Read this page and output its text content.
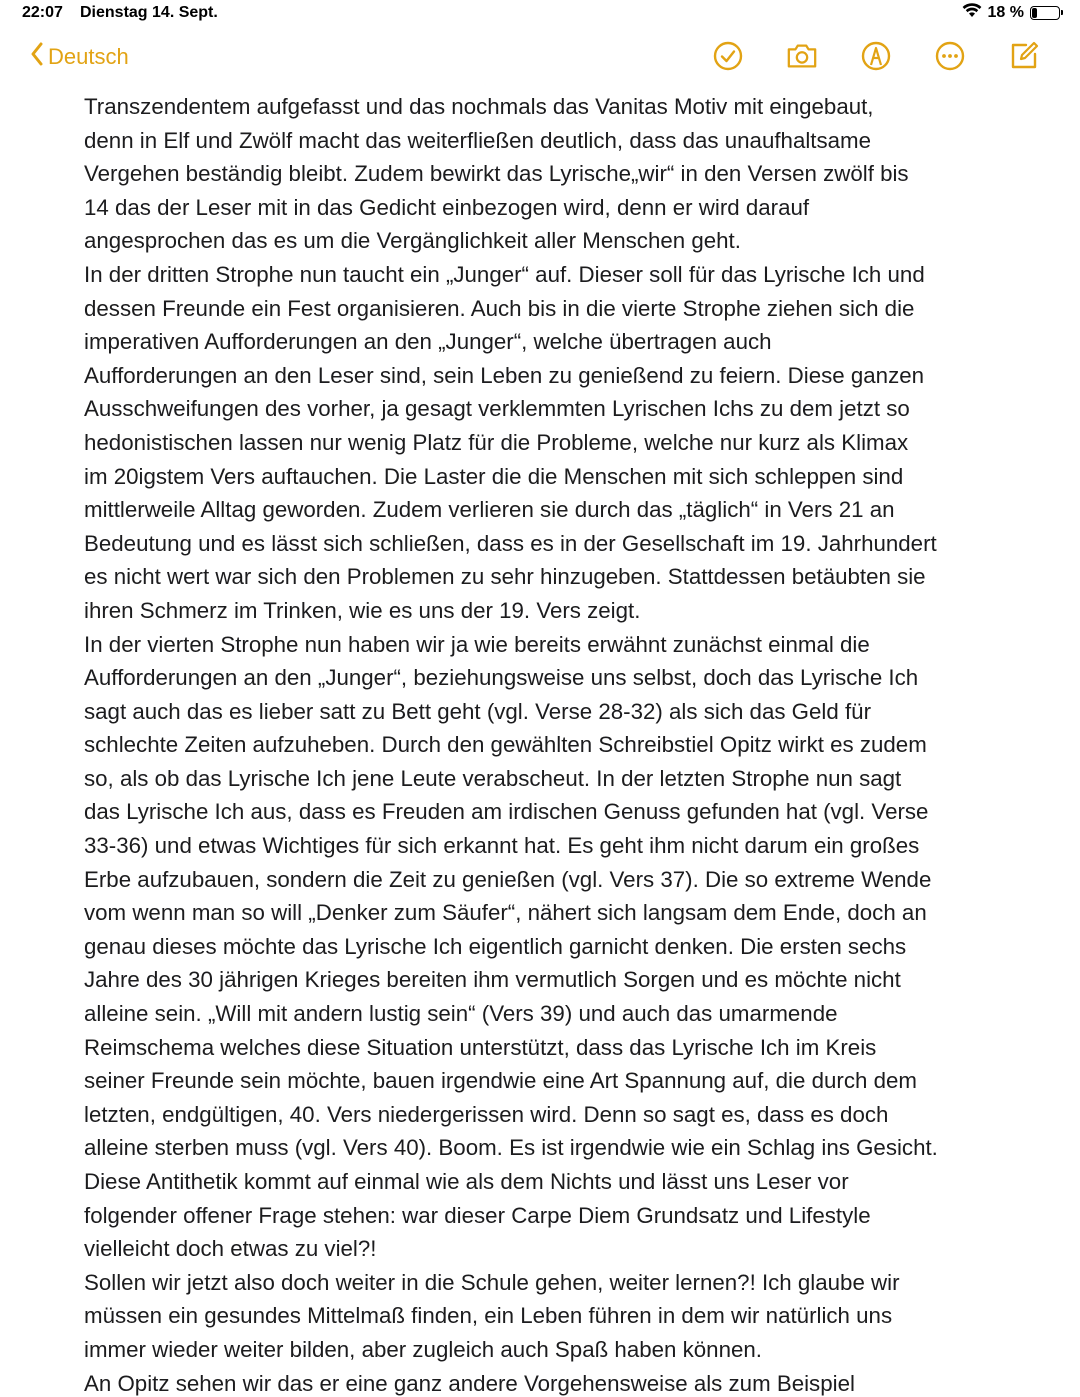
22:07 Dienstag 14. Sept.	18 %
Deutsch
Transzendentem aufgefasst und das nochmals das Vanitas Motiv mit eingebaut,
denn in Elf und Zwölf macht das weiterfließen deutlich, dass das unaufhaltsame
Vergehen beständig bleibt. Zudem bewirkt das Lyrische„wir“ in den Versen zwölf bis
14 das der Leser mit in das Gedicht einbezogen wird, denn er wird darauf
angesprochen das es um die Vergänglichkeit aller Menschen geht.
In der dritten Strophe nun taucht ein „Junger“ auf. Dieser soll für das Lyrische Ich und
dessen Freunde ein Fest organisieren. Auch bis in die vierte Strophe ziehen sich die
imperativen Aufforderungen an den „Junger“, welche übertragen auch
Aufforderungen an den Leser sind, sein Leben zu genießend zu feiern. Diese ganzen
Ausschweifungen des vorher, ja gesagt verklemmten Lyrischen Ichs zu dem jetzt so
hedonistischen lassen nur wenig Platz für die Probleme, welche nur kurz als Klimax
im 20igstem Vers auftauchen. Die Laster die die Menschen mit sich schleppen sind
mittlerweile Alltag geworden. Zudem verlieren sie durch das „täglich“ in Vers 21 an
Bedeutung und es lässt sich schließen, dass es in der Gesellschaft im 19. Jahrhundert
es nicht wert war sich den Problemen zu sehr hinzugeben. Stattdessen betäubten sie
ihren Schmerz im Trinken, wie es uns der 19. Vers zeigt.
In der vierten Strophe nun haben wir ja wie bereits erwähnt zunächst einmal die
Aufforderungen an den „Junger“, beziehungsweise uns selbst, doch das Lyrische Ich
sagt auch das es lieber satt zu Bett geht (vgl. Verse 28-32) als sich das Geld für
schlechte Zeiten aufzuheben. Durch den gewählten Schreibstiel Opitz wirkt es zudem
so, als ob das Lyrische Ich jene Leute verabscheut. In der letzten Strophe nun sagt
das Lyrische Ich aus, dass es Freuden am irdischen Genuss gefunden hat (vgl. Verse
33-36) und etwas Wichtiges für sich erkannt hat. Es geht ihm nicht darum ein großes
Erbe aufzubauen, sondern die Zeit zu genießen (vgl. Vers 37). Die so extreme Wende
vom wenn man so will „Denker zum Säufer“, nähert sich langsam dem Ende, doch an
genau dieses möchte das Lyrische Ich eigentlich garnicht denken. Die ersten sechs
Jahre des 30 jährigen Krieges bereiten ihm vermutlich Sorgen und es möchte nicht
alleine sein. „Will mit andern lustig sein“ (Vers 39) und auch das umarmende
Reimschema welches diese Situation unterstützt, dass das Lyrische Ich im Kreis
seiner Freunde sein möchte, bauen irgendwie eine Art Spannung auf, die durch dem
letzten, endgültigen, 40. Vers niedergerissen wird. Denn so sagt es, dass es doch
alleine sterben muss (vgl. Vers 40). Boom. Es ist irgendwie wie ein Schlag ins Gesicht.
Diese Antithetik kommt auf einmal wie als dem Nichts und lässt uns Leser vor
folgender offener Frage stehen: war dieser Carpe Diem Grundsatz und Lifestyle
vielleicht doch etwas zu viel?!
Sollen wir jetzt also doch weiter in die Schule gehen, weiter lernen?! Ich glaube wir
müssen ein gesundes Mittelmaß finden, ein Leben führen in dem wir natürlich uns
immer wieder weiter bilden, aber zugleich auch Spaß haben können.
An Opitz sehen wir das er eine ganz andere Vorgehensweise als zum Beispiel
